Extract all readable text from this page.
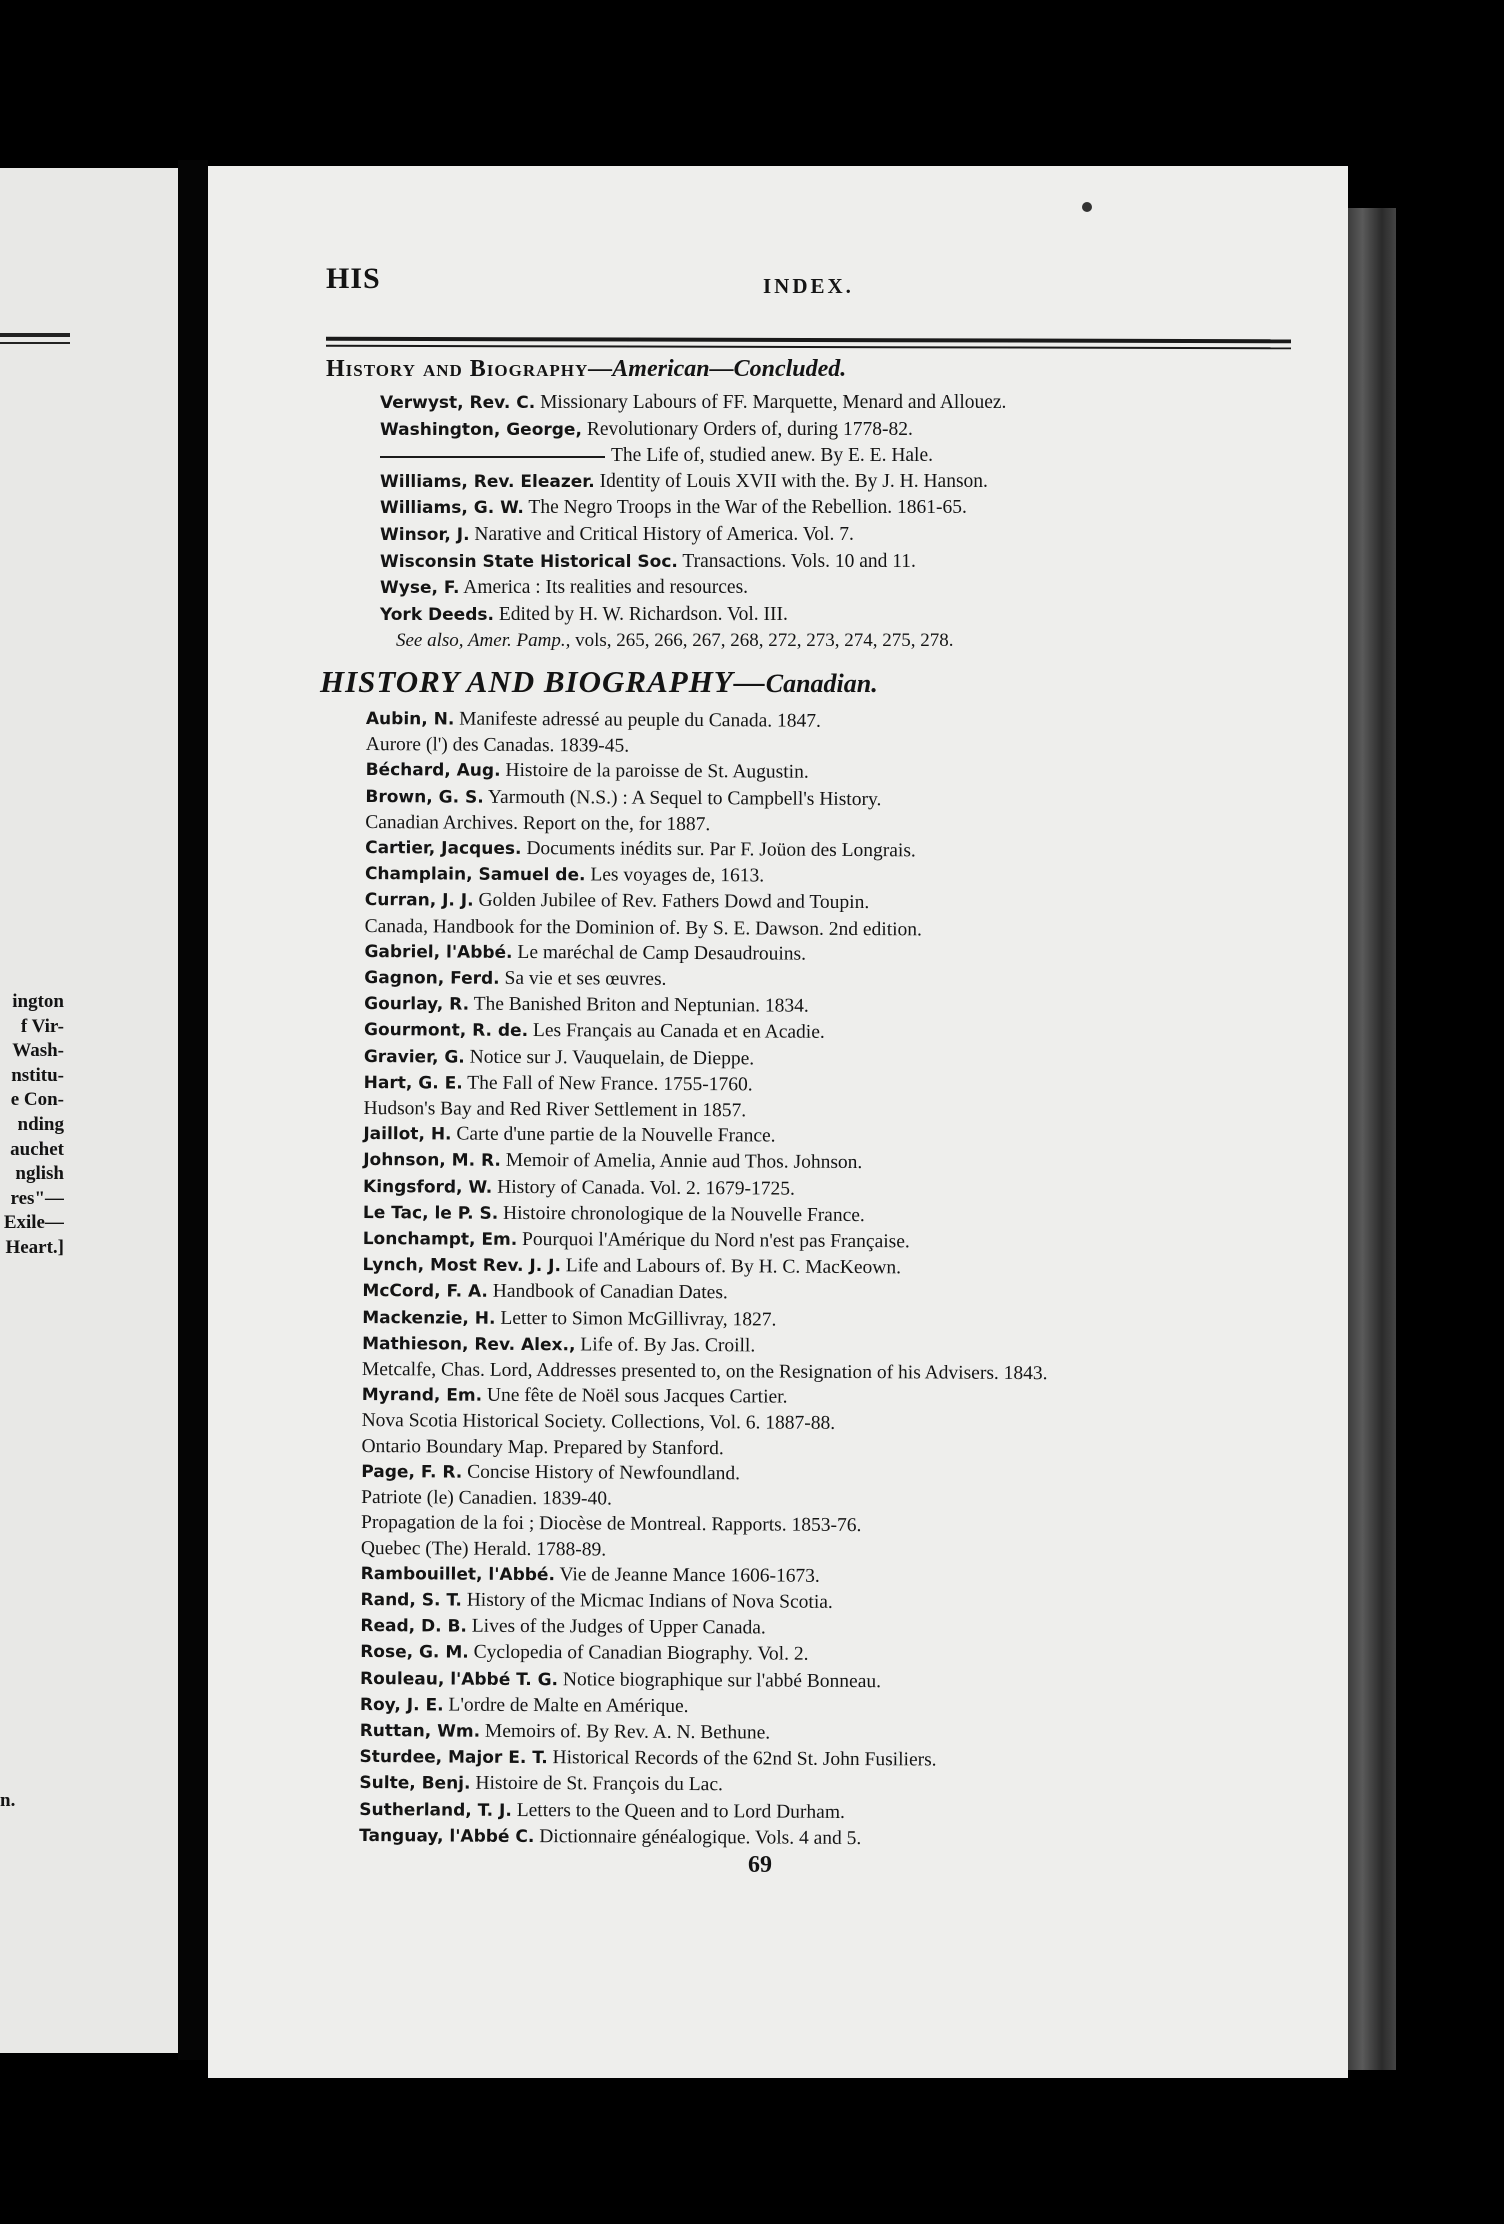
ington
f Vir-
Wash-
nstitu-
e Con-
nding
auchet
nglish
res"—
Exile—
Heart.]
n.
HIS	INDEX.
History and Biography—American—Concluded.
Verwyst, Rev. C. Missionary Labours of FF. Marquette, Menard and Allouez.
Washington, George, Revolutionary Orders of, during 1778-82.
The Life of, studied anew. By E. E. Hale.
Williams, Rev. Eleazer. Identity of Louis XVII with the. By J. H. Hanson.
Williams, G. W. The Negro Troops in the War of the Rebellion. 1861-65.
Winsor, J. Narative and Critical History of America. Vol. 7.
Wisconsin State Historical Soc. Transactions. Vols. 10 and 11.
Wyse, F. America : Its realities and resources.
York Deeds. Edited by H. W. Richardson. Vol. III.
See also, Amer. Pamp., vols, 265, 266, 267, 268, 272, 273, 274, 275, 278.
HISTORY AND BIOGRAPHY—Canadian.
Aubin, N. Manifeste adressé au peuple du Canada. 1847.
Aurore (l') des Canadas. 1839-45.
Béchard, Aug. Histoire de la paroisse de St. Augustin.
Brown, G. S. Yarmouth (N.S.) : A Sequel to Campbell's History.
Canadian Archives. Report on the, for 1887.
Cartier, Jacques. Documents inédits sur. Par F. Joüon des Longrais.
Champlain, Samuel de. Les voyages de, 1613.
Curran, J. J. Golden Jubilee of Rev. Fathers Dowd and Toupin.
Canada, Handbook for the Dominion of. By S. E. Dawson. 2nd edition.
Gabriel, l'Abbé. Le maréchal de Camp Desaudrouins.
Gagnon, Ferd. Sa vie et ses œuvres.
Gourlay, R. The Banished Briton and Neptunian. 1834.
Gourmont, R. de. Les Français au Canada et en Acadie.
Gravier, G. Notice sur J. Vauquelain, de Dieppe.
Hart, G. E. The Fall of New France. 1755-1760.
Hudson's Bay and Red River Settlement in 1857.
Jaillot, H. Carte d'une partie de la Nouvelle France.
Johnson, M. R. Memoir of Amelia, Annie aud Thos. Johnson.
Kingsford, W. History of Canada. Vol. 2. 1679-1725.
Le Tac, le P. S. Histoire chronologique de la Nouvelle France.
Lonchampt, Em. Pourquoi l'Amérique du Nord n'est pas Française.
Lynch, Most Rev. J. J. Life and Labours of. By H. C. MacKeown.
McCord, F. A. Handbook of Canadian Dates.
Mackenzie, H. Letter to Simon McGillivray, 1827.
Mathieson, Rev. Alex., Life of. By Jas. Croill.
Metcalfe, Chas. Lord, Addresses presented to, on the Resignation of his Advisers. 1843.
Myrand, Em. Une fête de Noël sous Jacques Cartier.
Nova Scotia Historical Society. Collections, Vol. 6. 1887-88.
Ontario Boundary Map. Prepared by Stanford.
Page, F. R. Concise History of Newfoundland.
Patriote (le) Canadien. 1839-40.
Propagation de la foi ; Diocèse de Montreal. Rapports. 1853-76.
Quebec (The) Herald. 1788-89.
Rambouillet, l'Abbé. Vie de Jeanne Mance 1606-1673.
Rand, S. T. History of the Micmac Indians of Nova Scotia.
Read, D. B. Lives of the Judges of Upper Canada.
Rose, G. M. Cyclopedia of Canadian Biography. Vol. 2.
Rouleau, l'Abbé T. G. Notice biographique sur l'abbé Bonneau.
Roy, J. E. L'ordre de Malte en Amérique.
Ruttan, Wm. Memoirs of. By Rev. A. N. Bethune.
Sturdee, Major E. T. Historical Records of the 62nd St. John Fusiliers.
Sulte, Benj. Histoire de St. François du Lac.
Sutherland, T. J. Letters to the Queen and to Lord Durham.
Tanguay, l'Abbé C. Dictionnaire généalogique. Vols. 4 and 5.
69
